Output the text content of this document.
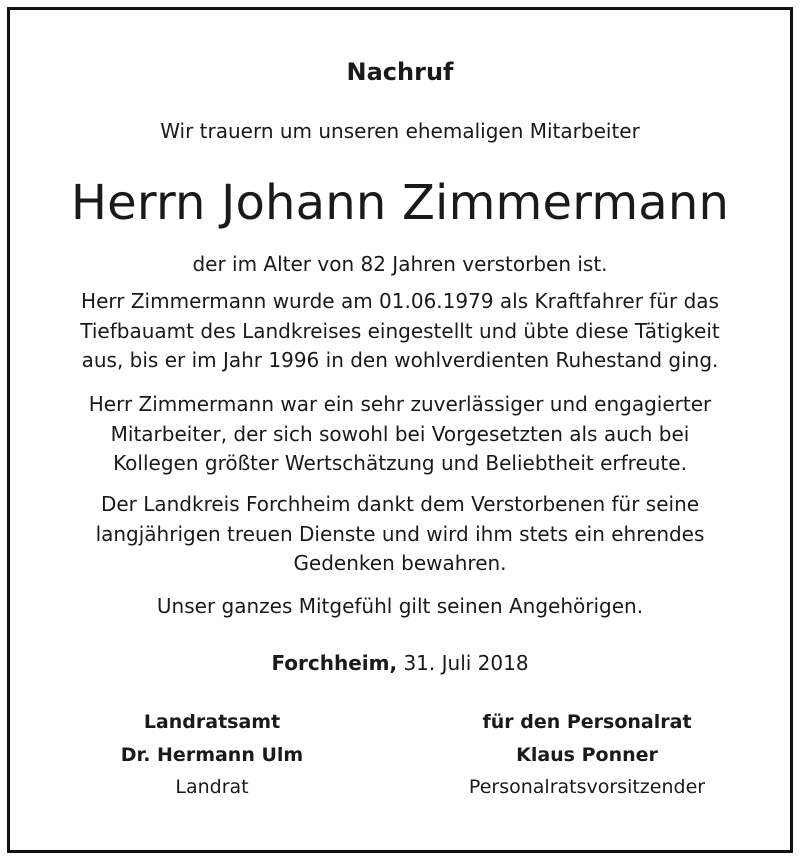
Nachruf
Wir trauern um unseren ehemaligen Mitarbeiter
Herrn Johann Zimmermann
der im Alter von 82 Jahren verstorben ist.
Herr Zimmermann wurde am 01.06.1979 als Kraftfahrer für das
Tiefbauamt des Landkreises eingestellt und übte diese Tätigkeit
aus, bis er im Jahr 1996 in den wohlverdienten Ruhestand ging.
Herr Zimmermann war ein sehr zuverlässiger und engagierter
Mitarbeiter, der sich sowohl bei Vorgesetzten als auch bei
Kollegen größter Wertschätzung und Beliebtheit erfreute.
Der Landkreis Forchheim dankt dem Verstorbenen für seine
langjährigen treuen Dienste und wird ihm stets ein ehrendes
Gedenken bewahren.
Unser ganzes Mitgefühl gilt seinen Angehörigen.
Forchheim, 31. Juli 2018
Landratsamt
Dr. Hermann Ulm
Landrat
für den Personalrat
Klaus Ponner
Personalratsvorsitzender
